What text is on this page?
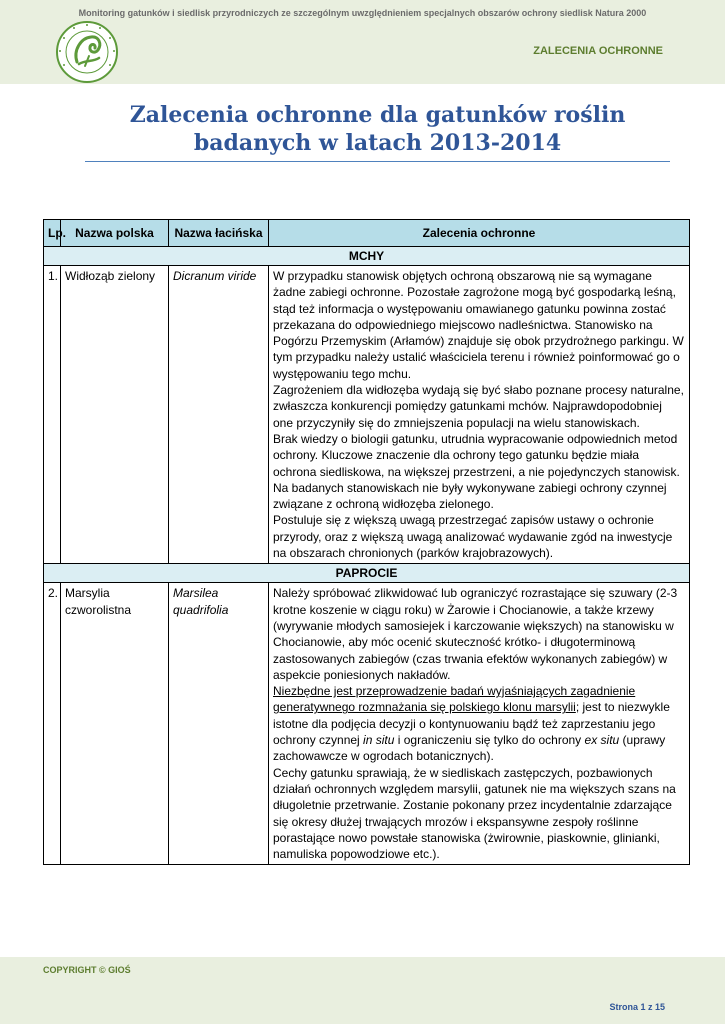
Monitoring gatunków i siedlisk przyrodniczych ze szczególnym uwzględnieniem specjalnych obszarów ochrony siedlisk Natura 2000
ZALECENIA OCHRONNE
Zalecenia ochronne dla gatunków roślin
badanych w latach 2013-2014
Lp.	Nazwa polska	Nazwa łacińska	Zalecenia ochronne
MCHY			
1.	Widłoząb zielony	Dicranum viride	W przypadku stanowisk objętych ochroną obszarową nie są wymagane żadne zabiegi ochronne. Pozostałe zagrożone mogą być gospodarką leśną, stąd też informacja o występowaniu omawianego gatunku powinna zostać przekazana do odpowiedniego miejscowo nadleśnictwa. Stanowisko na Pogórzu Przemyskim (Arłamów) znajduje się obok przydrożnego parkingu. W tym przypadku należy ustalić właściciela terenu i również poinformować go o występowaniu tego mchu.

Zagrożeniem dla widłozęba wydają się być słabo poznane procesy naturalne, zwłaszcza konkurencji pomiędzy gatunkami mchów. Najprawdopodobniej one przyczyniły się do zmniejszenia populacji na wielu stanowiskach.

Brak wiedzy o biologii gatunku, utrudnia wypracowanie odpowiednich metod ochrony. Kluczowe znaczenie dla ochrony tego gatunku będzie miała ochrona siedliskowa, na większej przestrzeni, a nie pojedynczych stanowisk.

Na badanych stanowiskach nie były wykonywane zabiegi ochrony czynnej związane z ochroną widłozęba zielonego.

Postuluje się z większą uwagą przestrzegać zapisów ustawy o ochronie przyrody, oraz z większą uwagą analizować wydawanie zgód na inwestycje na obszarach chronionych (parków krajobrazowych).

PAPROCIE			
2.	Marsylia czworolistna	Marsilea quadrifolia	Należy spróbować zlikwidować lub ograniczyć rozrastające się szuwary (2-3 krotne koszenie w ciągu roku) w Żarowie i Chocianowie, a także krzewy (wyrywanie młodych samosiejek i karczowanie większych) na stanowisku w Chocianowie, aby móc ocenić skuteczność krótko- i długoterminową zastosowanych zabiegów (czas trwania efektów wykonanych zabiegów) w aspekcie poniesionych nakładów.

Niezbędne jest przeprowadzenie badań wyjaśniających zagadnienie generatywnego rozmnażania się polskiego klonu marsylii; jest to niezwykle istotne dla podjęcia decyzji o kontynuowaniu bądź też zaprzestaniu jego ochrony czynnej in situ i ograniczeniu się tylko do ochrony ex situ (uprawy zachowawcze w ogrodach botanicznych).

Cechy gatunku sprawiają, że w siedliskach zastępczych, pozbawionych działań ochronnych względem marsylii, gatunek nie ma większych szans na długoletnie przetrwanie. Zostanie pokonany przez incydentalnie zdarzające się okresy dłużej trwających mrozów i ekspansywne zespoły roślinne porastające nowo powstałe stanowiska (żwirownie, piaskownie, glinianki, namuliska popowodziowe etc.).

COPYRIGHT © GIOŚ
Strona 1 z 15
